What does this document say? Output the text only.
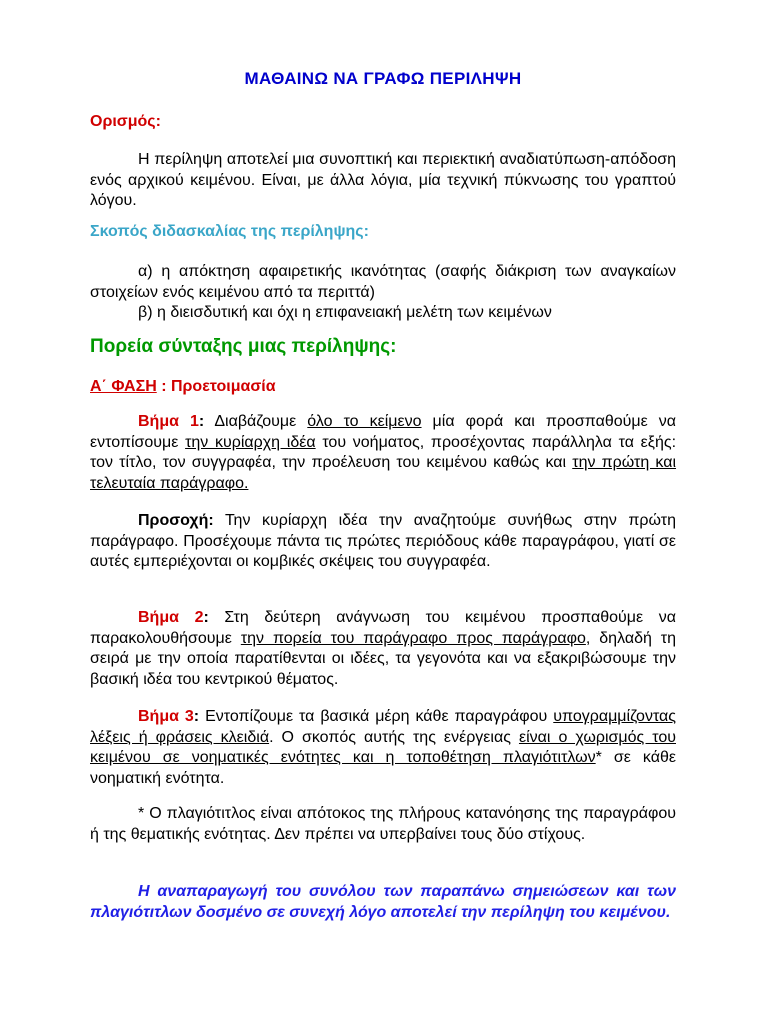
ΜΑΘΑΙΝΩ ΝΑ ΓΡΑΦΩ ΠΕΡΙΛΗΨΗ

Ορισμός:

Η περίληψη αποτελεί μια συνοπτική και περιεκτική αναδιατύπωση-απόδοση ενός αρχικού κειμένου. Είναι, με άλλα λόγια, μία τεχνική πύκνωσης του γραπτού λόγου.

Σκοπός διδασκαλίας της περίληψης:

α) η απόκτηση αφαιρετικής ικανότητας (σαφής διάκριση των αναγκαίων στοιχείων ενός κειμένου από τα περιττά)

β) η διεισδυτική και όχι η επιφανειακή μελέτη των κειμένων

Πορεία σύνταξης μιας περίληψης:

Α΄ ΦΑΣΗ : Προετοιμασία

Βήμα 1: Διαβάζουμε όλο το κείμενο μία φορά και προσπαθούμε να εντοπίσουμε την κυρίαρχη ιδέα του νοήματος, προσέχοντας παράλληλα τα εξής: τον τίτλο, τον συγγραφέα, την προέλευση του κειμένου καθώς και την πρώτη και τελευταία παράγραφο.

Προσοχή: Την κυρίαρχη ιδέα την αναζητούμε συνήθως στην πρώτη παράγραφο. Προσέχουμε πάντα τις πρώτες περιόδους κάθε παραγράφου, γιατί σε αυτές εμπεριέχονται οι κομβικές σκέψεις του συγγραφέα.

Βήμα 2: Στη δεύτερη ανάγνωση του κειμένου προσπαθούμε να παρακολουθήσουμε την πορεία του παράγραφο προς παράγραφο, δηλαδή τη σειρά με την οποία παρατίθενται οι ιδέες, τα γεγονότα και να εξακριβώσουμε την βασική ιδέα του κεντρικού θέματος.

Βήμα 3: Εντοπίζουμε τα βασικά μέρη κάθε παραγράφου υπογραμμίζοντας λέξεις ή φράσεις κλειδιά. Ο σκοπός αυτής της ενέργειας είναι ο χωρισμός του κειμένου σε νοηματικές ενότητες και η τοποθέτηση πλαγιότιτλων* σε κάθε νοηματική ενότητα.

* Ο πλαγιότιτλος είναι απότοκος της πλήρους κατανόησης της παραγράφου ή της θεματικής ενότητας. Δεν πρέπει να υπερβαίνει τους δύο στίχους.

Η αναπαραγωγή του συνόλου των παραπάνω σημειώσεων και των πλαγιότιτλων δοσμένο σε συνεχή λόγο αποτελεί την περίληψη του κειμένου.
